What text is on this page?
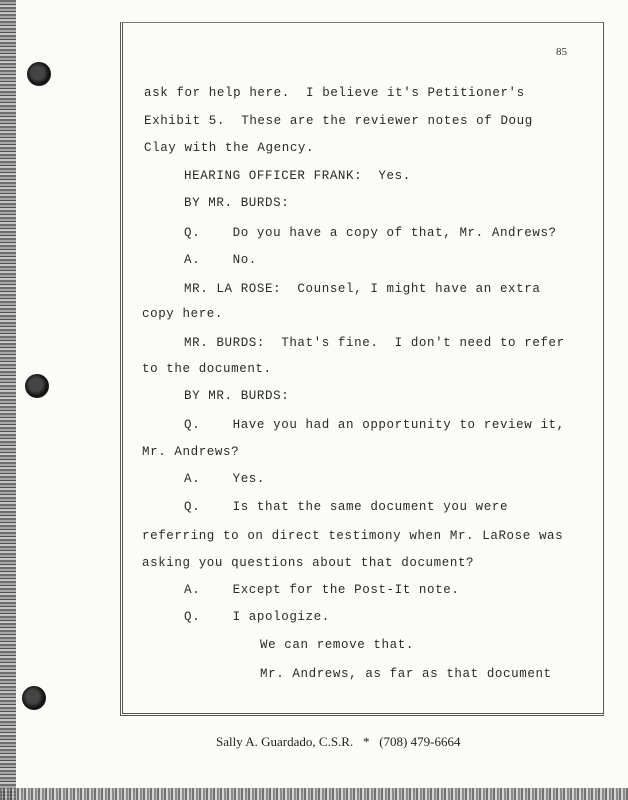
85
ask for help here.  I believe it's Petitioner's
Exhibit 5.  These are the reviewer notes of Doug
Clay with the Agency.
HEARING OFFICER FRANK:  Yes.
BY MR. BURDS:
Q.    Do you have a copy of that, Mr. Andrews?
A.    No.
MR. LA ROSE:  Counsel, I might have an extra
copy here.
MR. BURDS:  That's fine.  I don't need to refer
to the document.
BY MR. BURDS:
Q.    Have you had an opportunity to review it,
Mr. Andrews?
A.    Yes.
Q.    Is that the same document you were
referring to on direct testimony when Mr. LaRose was
asking you questions about that document?
A.    Except for the Post-It note.
Q.    I apologize.
We can remove that.
Mr. Andrews, as far as that document
Sally A. Guardado, C.S.R.   *   (708) 479-6664
